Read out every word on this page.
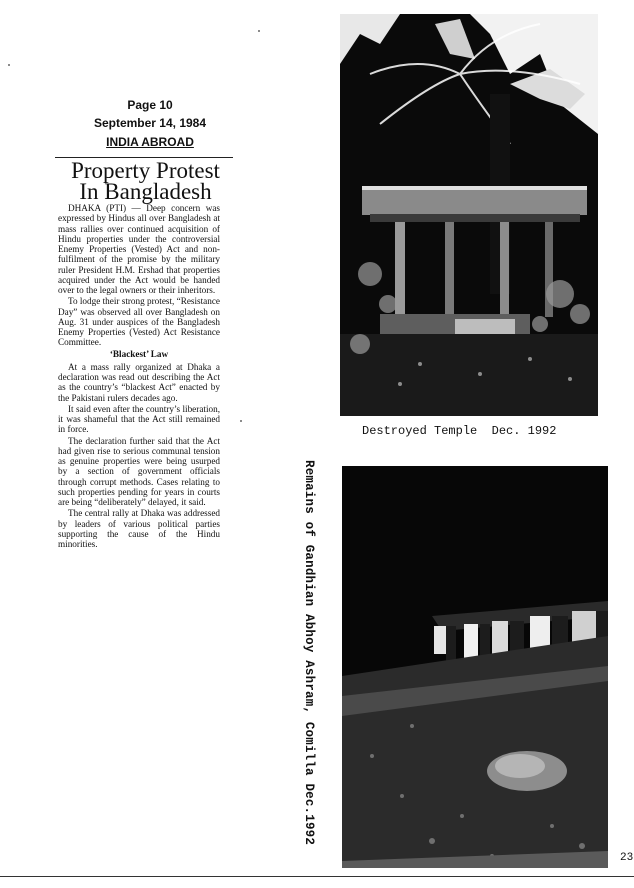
Page 10
September 14, 1984
INDIA ABROAD
Property Protest
In Bangladesh

DHAKA (PTI) — Deep concern was expressed by Hindus all over Bangladesh at mass rallies over continued acquisition of Hindu properties under the controversial Enemy Properties (Vested) Act and non-fulfilment of the promise by the military ruler President H.M. Ershad that properties acquired under the Act would be handed over to the legal owners or their inheritors.

To lodge their strong protest, “Resistance Day” was observed all over Bangladesh on Aug. 31 under auspices of the Bangladesh Enemy Properties (Vested) Act Resistance Committee.

‘Blackest’ Law

At a mass rally organized at Dhaka a declaration was read out describing the Act as the country’s “blackest Act” enacted by the Pakistani rulers decades ago.

It said even after the country’s liberation, it was shameful that the Act still remained in force.

The declaration further said that the Act had given rise to serious communal tension as genuine properties were being usurped by a section of government officials through corrupt methods. Cases relating to such properties pending for years in courts are being “deliberately” delayed, it said.

The central rally at Dhaka was addressed by leaders of various political parties supporting the cause of the Hindu minorities.

Destroyed Temple  Dec. 1992
Remains of Gandhian Abhoy Ashram, Comilla Dec.1992
23
